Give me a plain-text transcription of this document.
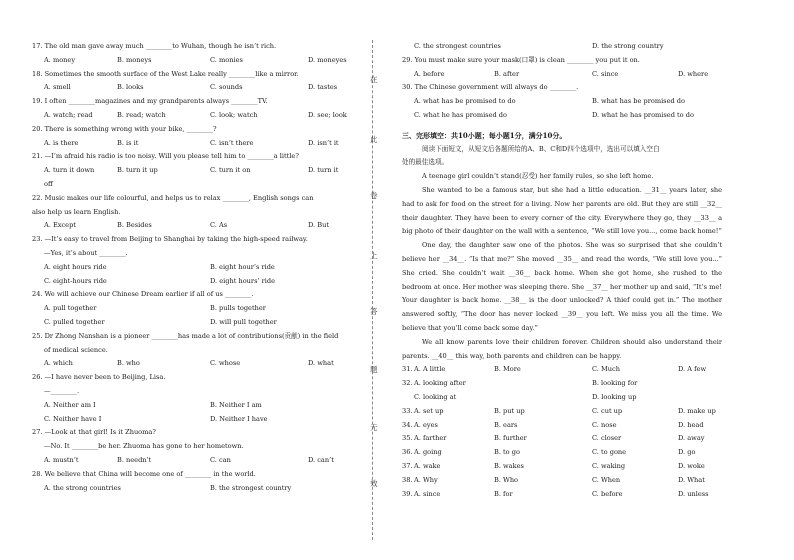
在
此
卷
上
答
题
无
效
17. The old man gave away much ________to Wuhan, though he isn’t rich.
A. money	B. moneys	C. monies	D. moneyes
18. Sometimes the smooth surface of the West Lake really ________like a mirror.
A. smell	B. looks	C. sounds	D. tastes
19. I often ________magazines and my grandparents always ________TV.
A. watch; read	B. read; watch	C. look; watch	D. see; look
20. There is something wrong with your bike, ________?
A. is there	B. is it	C. isn’t there	D. isn’t it
21. —I’m afraid his radio is too noisy. Will you please tell him to ________a little?
A. turn it down	B. turn it up	C. turn it on	D. turn it
off
22. Music makes our life colourful, and helps us to relax ________, English songs can
also help us learn English.
A. Except	B. Besides	C. As	D. But
23. —It’s easy to travel from Beijing to Shanghai by taking the high-speed railway.
—Yes, it’s about ________.
A. eight hours ride	B. eight hour’s ride
C. eight-hours ride	D. eight hours’ ride
24. We will achieve our Chinese Dream earlier if all of us ________.
A. pull together	B. pulls together
C. pulled together	D. will pull together
25. Dr Zhong Nanshan is a pioneer ________has made a lot of contributions(贡献) in the field
of medical science.
A. which	B. who	C. whose	D. what
26. —I have never been to Beijing, Lisa.
—________.
A. Neither am I	B. Neither I am
C. Neither have I	D. Neither I have
27. —Look at that girl! Is it Zhuoma?
—No. It ________be her. Zhuoma has gone to her hometown.
A. mustn’t	B. needn’t	C. can	D. can’t
28. We believe that China will become one of ________ in the world.
A. the strong countries	B. the strongest country
C. the strongest countries	D. the strong country
29. You must make sure your mask(口罩) is clean ________ you put it on.
A. before	B. after	C. since	D. where
30. The Chinese government will always do ________.
A. what has be promised to do	B. what has be promised do
C. what he has promised do	D. what he has promised to do
三、完形填空：共10小题；每小题1分，满分10分。
阅读下面短文，从短文后各题所给的A、B、C和D四个选项中，选出可以填入空白
处的最佳选项。
A teenage girl couldn’t stand(忍受) her family rules, so she left home.
She wanted to be a famous star, but she had a little education. __31__ years later, she had to ask for food on the street for a living. Now her parents are old. But they are still __32__ their daughter. They have been to every corner of the city. Everywhere they go, they __33__ a big photo of their daughter on the wall with a sentence, “We still love you..., come back home!”
One day, the daughter saw one of the photos. She was so surprised that she couldn’t believe her __34__. “Is that me?” She moved __35__ and read the words, “We still love you...” She cried. She couldn’t wait __36__ back home. When she got home, she rushed to the bedroom at once. Her mother was sleeping there. She __37__ her mother up and said, “It’s me! Your daughter is back home. __38__ is the door unlocked? A thief could get in.” The mother answered softly, “The door has never locked __39__ you left. We miss you all the time. We believe that you’ll come back some day.”
We all know parents love their children forever. Children should also understand their parents. __40__ this way, both parents and children can be happy.
31. A. A little	B. More	C. Much	D. A few
32. A. looking after	B. looking for
C. looking at	D. looking up
33. A. set up	B. put up	C. cut up	D. make up
34. A. eyes	B. ears	C. nose	D. head
35. A. farther	B. further	C. closer	D. away
36. A. going	B. to go	C. to gone	D. go
37. A. wake	B. wakes	C. waking	D. woke
38. A. Why	B. Who	C. When	D. What
39. A. since	B. for	C. before	D. unless
